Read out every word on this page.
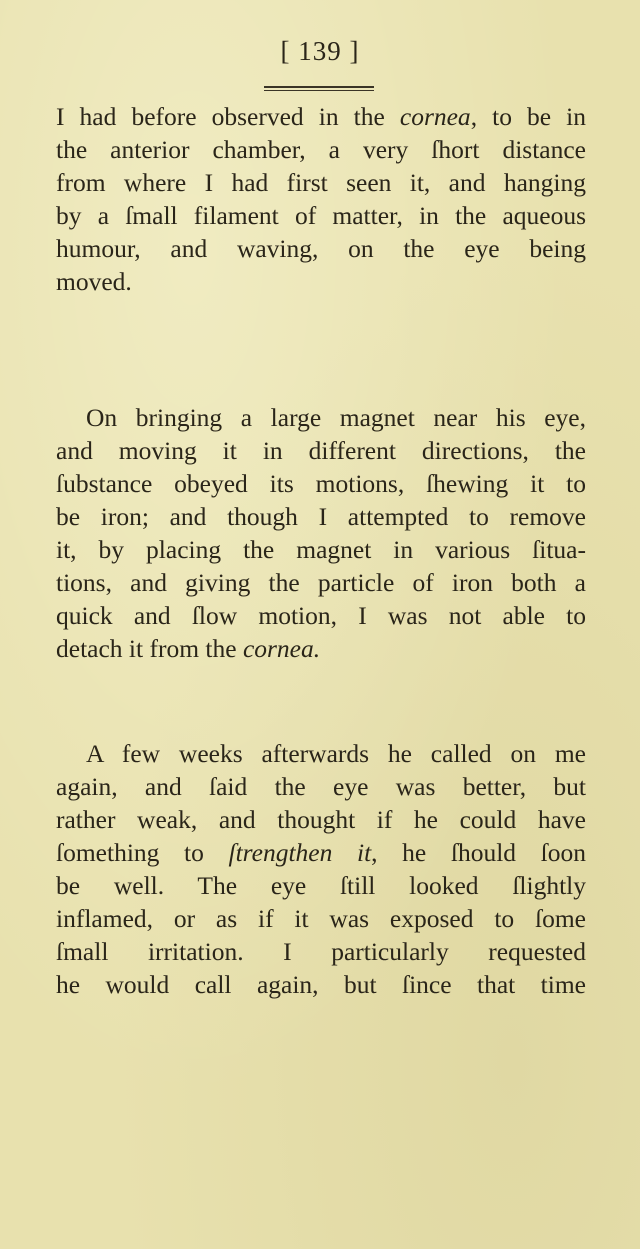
[ 139 ]
I had before observed in the cornea, to be in
the anterior chamber, a very ſhort distance
from where I had first seen it, and hanging
by a ſmall filament of matter, in the aqueous
humour, and waving, on the eye being
moved.
On bringing a large magnet near his eye,
and moving it in different directions, the
ſubstance obeyed its motions, ſhewing it to
be iron; and though I attempted to remove
it, by placing the magnet in various ſitua-
tions, and giving the particle of iron both a
quick and ſlow motion, I was not able to
detach it from the cornea.
A few weeks afterwards he called on me
again, and ſaid the eye was better, but
rather weak, and thought if he could have
ſomething to ſtrengthen it, he ſhould ſoon
be well. The eye ſtill looked ſlightly
inflamed, or as if it was exposed to ſome
ſmall irritation. I particularly requested
he would call again, but ſince that time
